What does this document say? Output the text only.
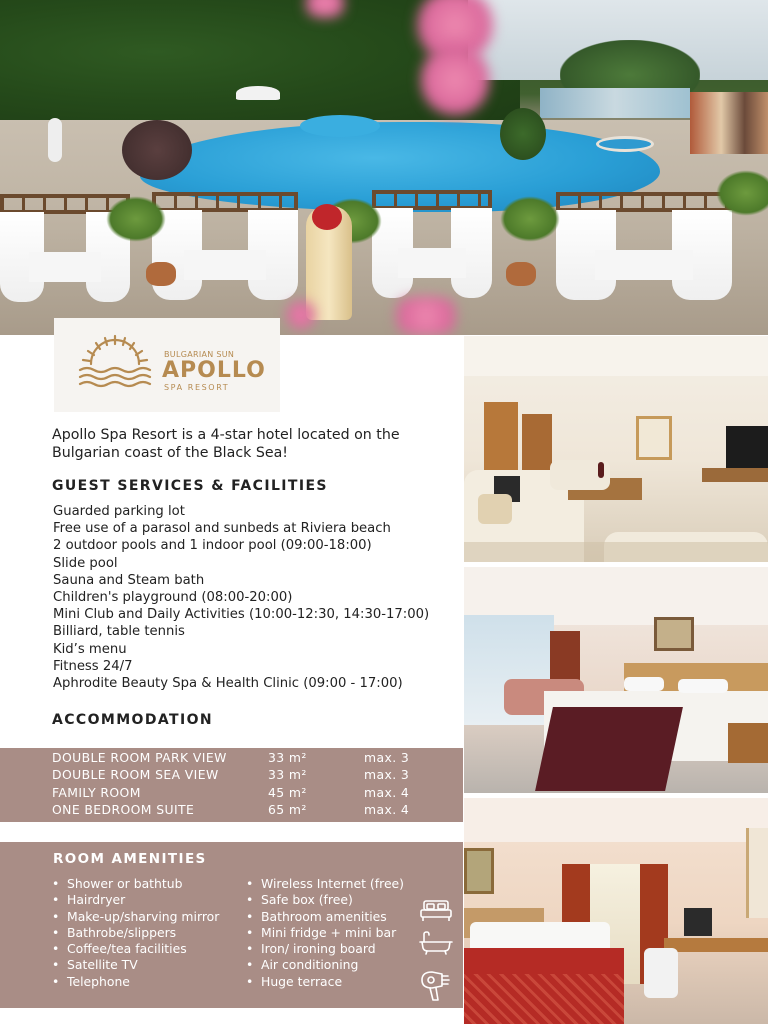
BULGARIAN SUN
APOLLO
SPA RESORT

Apollo Spa Resort is a 4-star hotel located on the Bulgarian coast of the Black Sea!

GUEST SERVICES & FACILITIES
Guarded parking lot
Free use of a parasol and sunbeds at Riviera beach
2 outdoor pools and 1 indoor pool (09:00-18:00)
Slide pool
Sauna and Steam bath
Children's playground (08:00-20:00)
Mini Club and Daily Activities (10:00-12:30, 14:30-17:00)
Billiard, table tennis
Kid’s menu
Fitness 24/7
Aphrodite Beauty Spa & Health Clinic (09:00 - 17:00)
ACCOMMODATION
DOUBLE ROOM PARK VIEW	33 m²	max. 3
DOUBLE ROOM SEA VIEW	33 m²	max. 3
FAMILY ROOM	45 m²	max. 4
ONE BEDROOM SUITE	65 m²	max. 4
ROOM AMENITIES
• Shower or bathtub
• Hairdryer
• Make-up/sharving mirror
• Bathrobe/slippers
• Coffee/tea facilities
• Satellite TV
• Telephone
• Wireless Internet (free)
• Safe box (free)
• Bathroom amenities
• Mini fridge + mini bar
• Iron/ ironing board
• Air conditioning
• Huge terrace
